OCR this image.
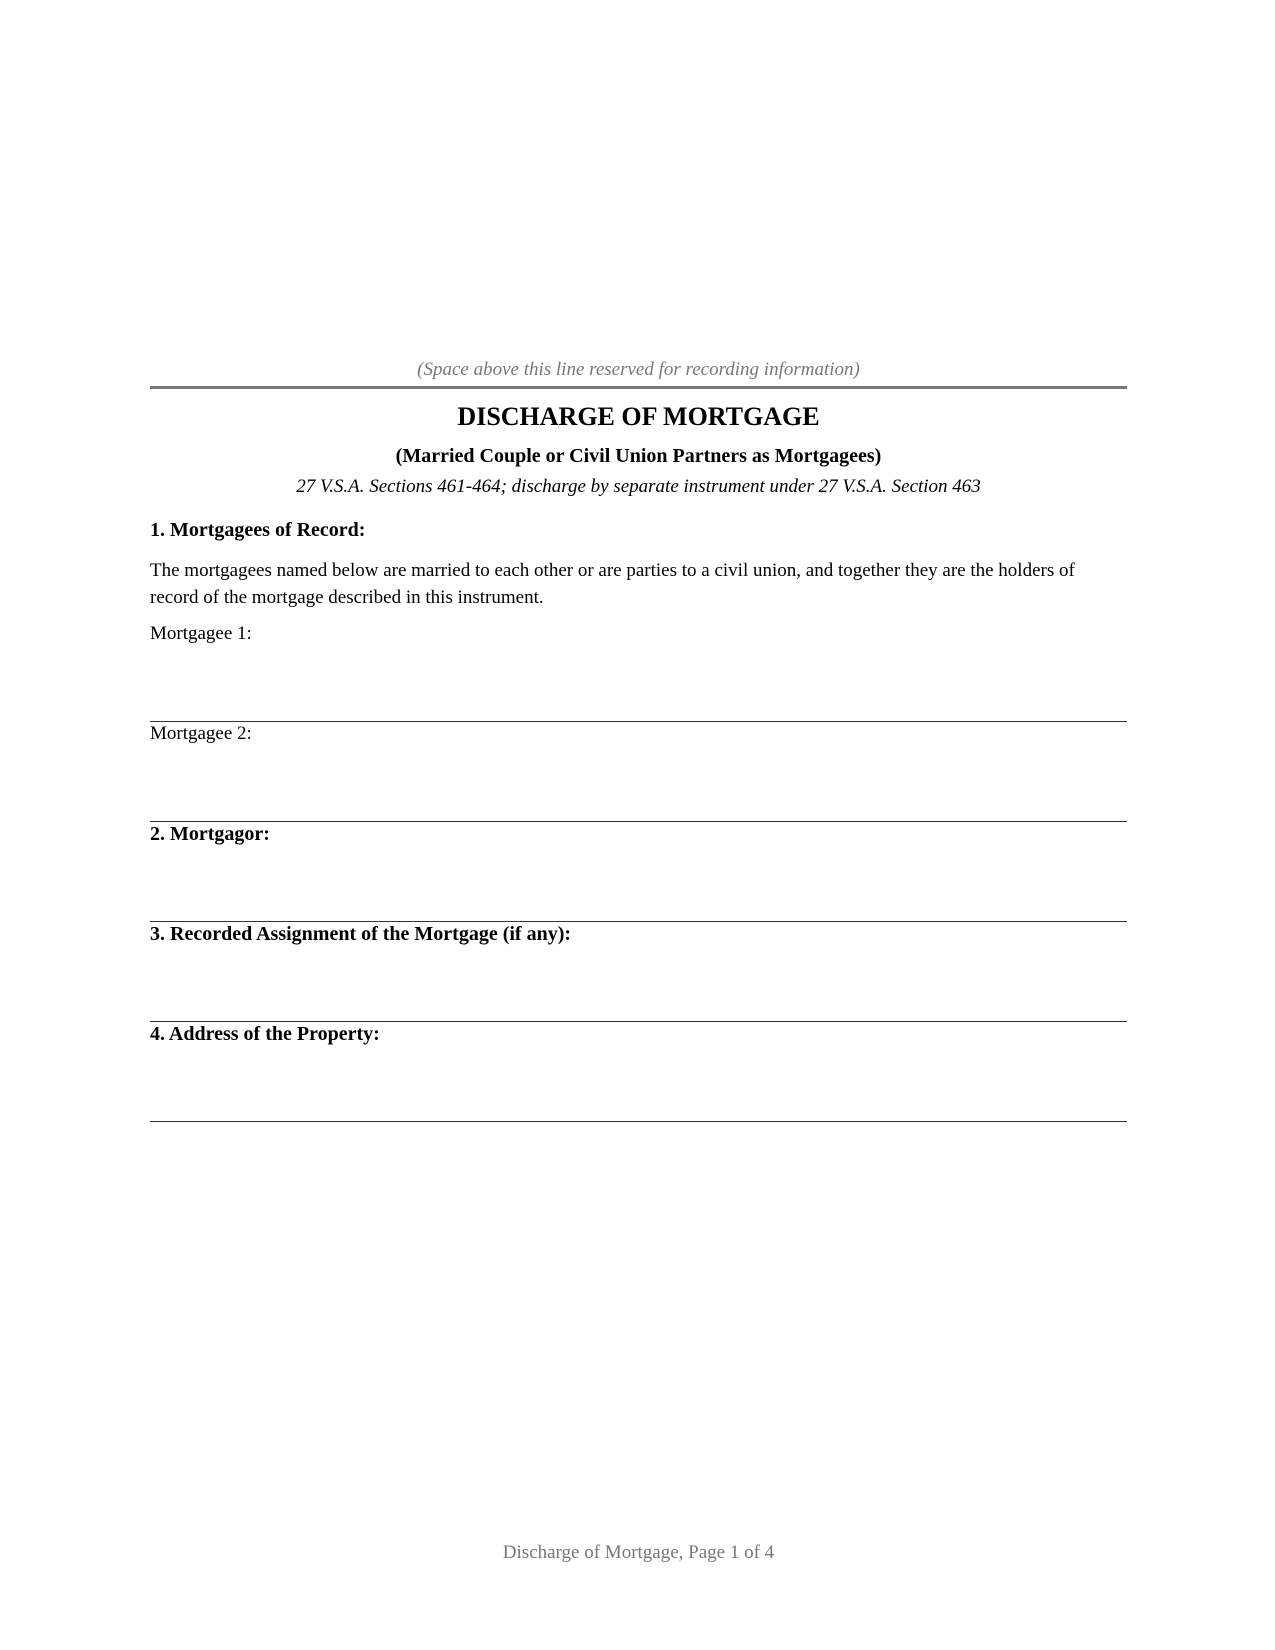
(Space above this line reserved for recording information)
DISCHARGE OF MORTGAGE
(Married Couple or Civil Union Partners as Mortgagees)
27 V.S.A. Sections 461-464; discharge by separate instrument under 27 V.S.A. Section 463
1. Mortgagees of Record:
The mortgagees named below are married to each other or are parties to a civil union, and together they are the holders of record of the mortgage described in this instrument.
Mortgagee 1:
Mortgagee 2:
2. Mortgagor:
3. Recorded Assignment of the Mortgage (if any):
4. Address of the Property:
Discharge of Mortgage, Page 1 of 4
